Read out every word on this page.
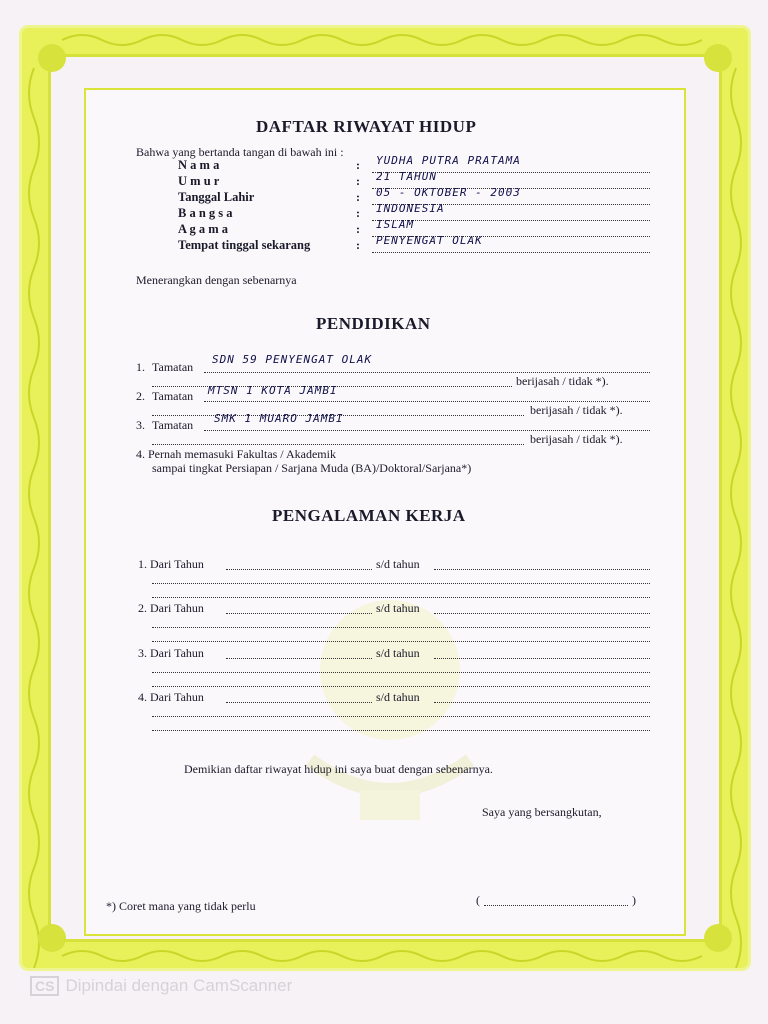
DAFTAR RIWAYAT HIDUP
Bahwa yang bertanda tangan di bawah ini :
N a m a	: YUDHA PUTRA PRATAMA
U m u r	: 21 TAHUN
Tanggal Lahir	: 05 - OKTOBER - 2003
B a n g s a	: INDONESIA
A g a m a	: ISLAM
Tempat tinggal sekarang	: PENYENGAT OLAK
Menerangkan dengan sebenarnya
PENDIDIKAN
1. Tamatan
SDN 59 PENYENGAT OLAK
berijasah / tidak *).
2. Tamatan MTSN 1 KOTA JAMBI
berijasah / tidak *).
3. Tamatan SMK 1 MUARO JAMBI
berijasah / tidak *).
4. Pernah memasuki Fakultas / Akademik
sampai tingkat Persiapan / Sarjana Muda (BA)/Doktoral/Sarjana*)
PENGALAMAN KERJA
1. Dari Tahun	s/d tahun
2. Dari Tahun	s/d tahun
3. Dari Tahun	s/d tahun
4. Dari Tahun	s/d tahun
Demikian daftar riwayat hidup ini saya buat dengan sebenarnya.
Saya yang bersangkutan,
(	)
*) Coret mana yang tidak perlu
CS Dipindai dengan CamScanner
